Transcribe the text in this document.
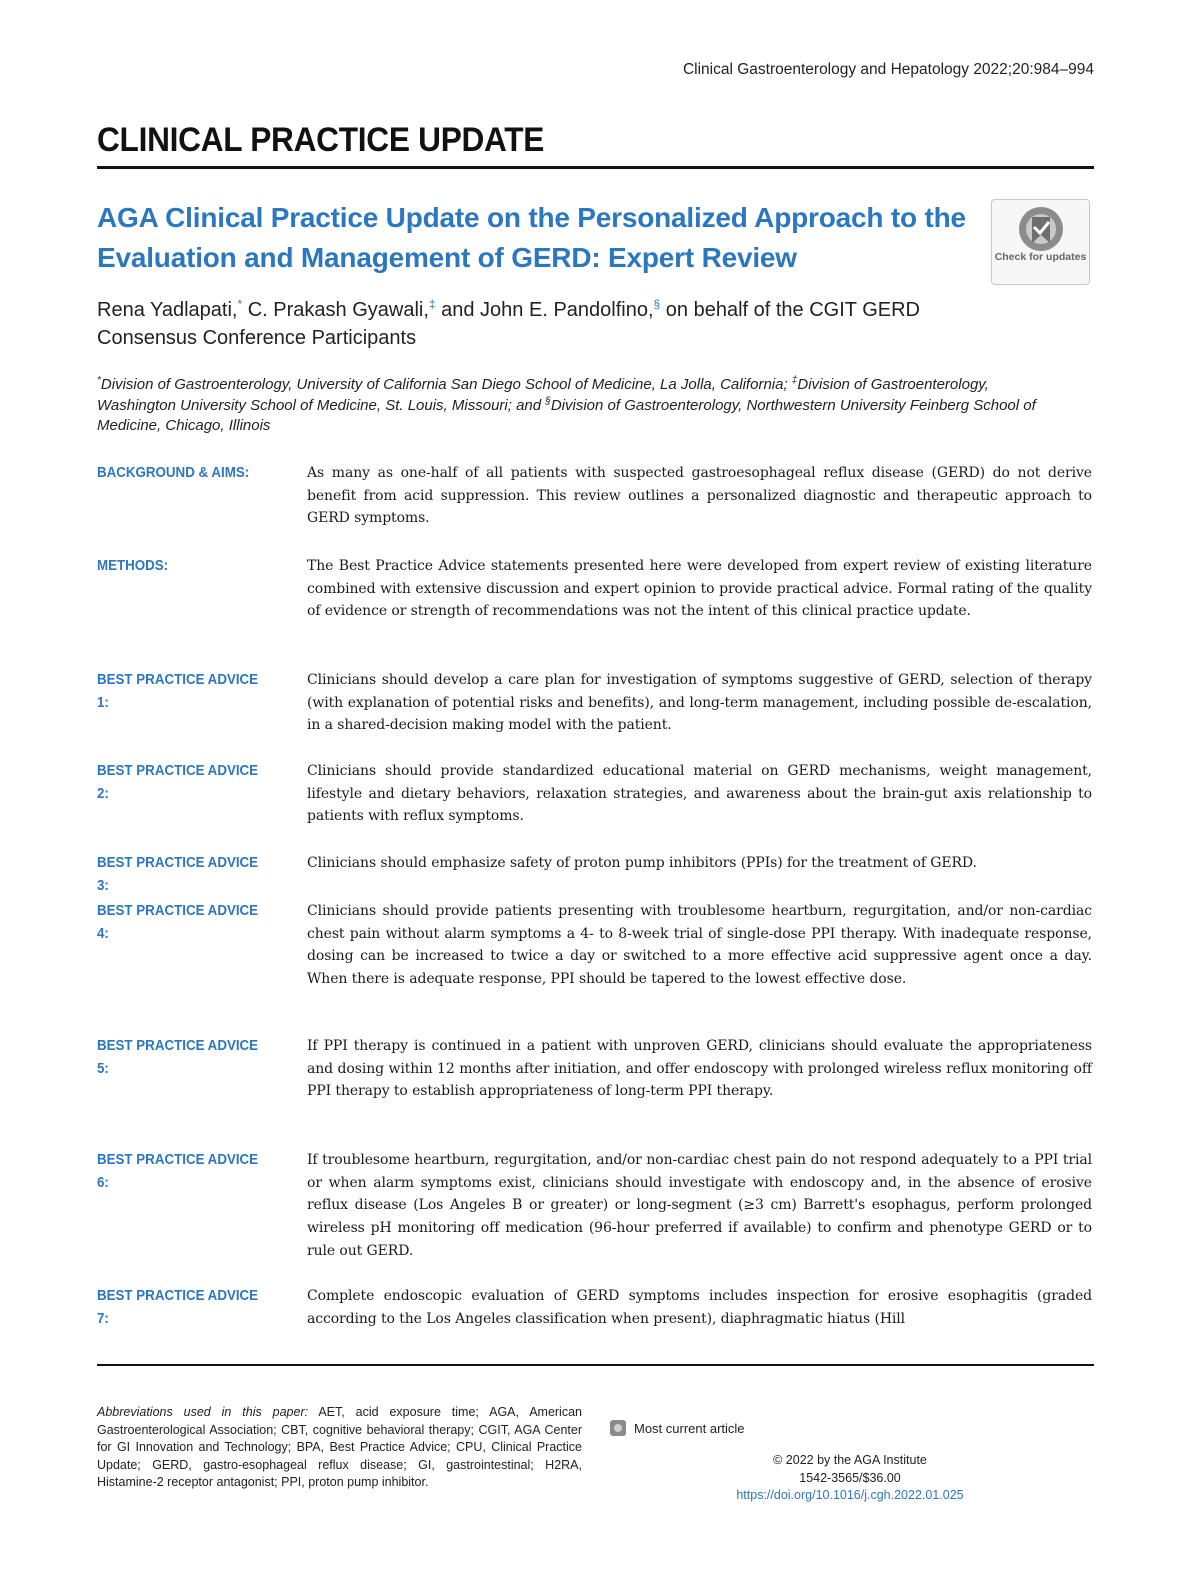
Clinical Gastroenterology and Hepatology 2022;20:984–994
CLINICAL PRACTICE UPDATE
AGA Clinical Practice Update on the Personalized Approach to the Evaluation and Management of GERD: Expert Review	Check for updates
Rena Yadlapati,* C. Prakash Gyawali,‡ and John E. Pandolfino,§ on behalf of the CGIT GERD Consensus Conference Participants
*Division of Gastroenterology, University of California San Diego School of Medicine, La Jolla, California; ‡Division of Gastroenterology, Washington University School of Medicine, St. Louis, Missouri; and §Division of Gastroenterology, Northwestern University Feinberg School of Medicine, Chicago, Illinois
BACKGROUND & AIMS:	As many as one-half of all patients with suspected gastroesophageal reflux disease (GERD) do not derive benefit from acid suppression. This review outlines a personalized diagnostic and therapeutic approach to GERD symptoms.
METHODS:	The Best Practice Advice statements presented here were developed from expert review of existing literature combined with extensive discussion and expert opinion to provide practical advice. Formal rating of the quality of evidence or strength of recommendations was not the intent of this clinical practice update.
BEST PRACTICE ADVICE 1:
Clinicians should develop a care plan for investigation of symptoms suggestive of GERD, selection of therapy (with explanation of potential risks and benefits), and long-term management, including possible de-escalation, in a shared-decision making model with the patient.
BEST PRACTICE ADVICE 2:
Clinicians should provide standardized educational material on GERD mechanisms, weight management, lifestyle and dietary behaviors, relaxation strategies, and awareness about the brain-gut axis relationship to patients with reflux symptoms.
BEST PRACTICE ADVICE 3:
Clinicians should emphasize safety of proton pump inhibitors (PPIs) for the treatment of GERD.
BEST PRACTICE ADVICE 4:
Clinicians should provide patients presenting with troublesome heartburn, regurgitation, and/or non-cardiac chest pain without alarm symptoms a 4- to 8-week trial of single-dose PPI therapy. With inadequate response, dosing can be increased to twice a day or switched to a more effective acid suppressive agent once a day. When there is adequate response, PPI should be tapered to the lowest effective dose.
BEST PRACTICE ADVICE 5:
If PPI therapy is continued in a patient with unproven GERD, clinicians should evaluate the appropriateness and dosing within 12 months after initiation, and offer endoscopy with prolonged wireless reflux monitoring off PPI therapy to establish appropriateness of long-term PPI therapy.
BEST PRACTICE ADVICE 6:
If troublesome heartburn, regurgitation, and/or non-cardiac chest pain do not respond adequately to a PPI trial or when alarm symptoms exist, clinicians should investigate with endoscopy and, in the absence of erosive reflux disease (Los Angeles B or greater) or long-segment (≥3 cm) Barrett's esophagus, perform prolonged wireless pH monitoring off medication (96-hour preferred if available) to confirm and phenotype GERD or to rule out GERD.
BEST PRACTICE ADVICE 7:
Complete endoscopic evaluation of GERD symptoms includes inspection for erosive esophagitis (graded according to the Los Angeles classification when present), diaphragmatic hiatus (Hill
Abbreviations used in this paper: AET, acid exposure time; AGA, American Gastroenterological Association; CBT, cognitive behavioral therapy; CGIT, AGA Center for GI Innovation and Technology; BPA, Best Practice Advice; CPU, Clinical Practice Update; GERD, gastro-esophageal reflux disease; GI, gastrointestinal; H2RA, Histamine-2 receptor antagonist; PPI, proton pump inhibitor.
Most current article
© 2022 by the AGA Institute
1542-3565/$36.00
https://doi.org/10.1016/j.cgh.2022.01.025
